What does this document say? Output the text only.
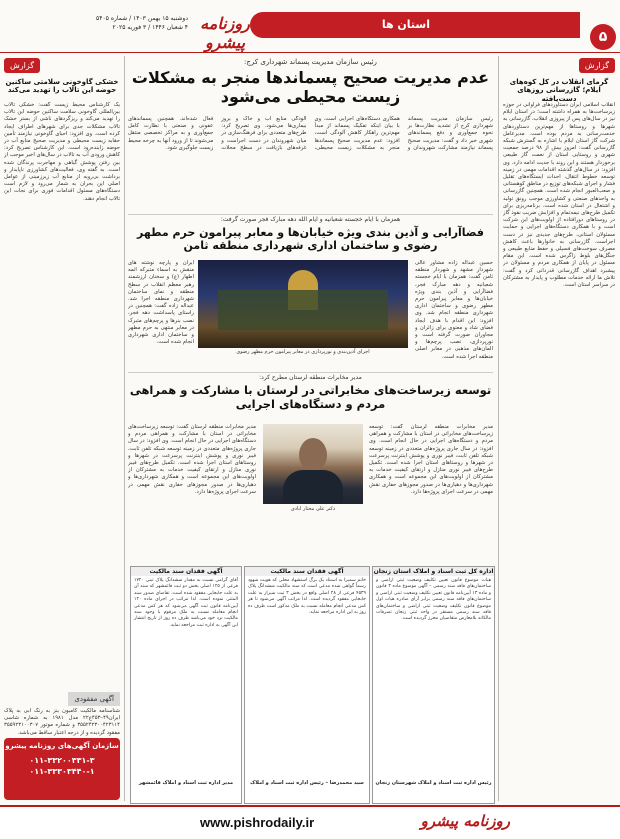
۵
استان ها
دوشنبه ۱۵ بهمن ۱۴۰۳ / شماره ۵۴۰۵
۴ شعبان ۱۴۴۶ / ۳ فوریه ۲۰۲۵ روزنامه پیشرو
گزارش
گرمای انقلاب در کل کوه‌های ایلام؛ گازرسانی روزهای دست‌یافته
انقلاب اسلامی ایران دستاوردهای فراوانی در حوزه زیرساخت‌ها به همراه داشته است؛ در استان ایلام نیز در سال‌های پس از پیروزی انقلاب، گازرسانی به شهرها و روستاها از مهم‌ترین دستاوردهای خدمت‌رسانی به مردم بوده است. مدیرعامل شرکت گاز استان ایلام با اشاره به گسترش شبکه گازرسانی گفت: امروز بیش از ۹۸ درصد جمعیت شهری و روستایی استان از نعمت گاز طبیعی برخوردار هستند و این روند با جدیت ادامه دارد. وی افزود: در سال‌های گذشته اقدامات مهمی در زمینه توسعه خطوط انتقال، احداث ایستگاه‌های تقلیل فشار و اجرای شبکه‌های توزیع در مناطق کوهستانی و صعب‌العبور انجام شده است. همچنین گازرسانی به واحدهای صنعتی و کشاورزی موجب رونق تولید و اشتغال در استان شده است. برنامه‌ریزی برای تکمیل طرح‌های نیمه‌تمام و افزایش ضریب نفوذ گاز در روستاهای دورافتاده از اولویت‌های این شرکت است و با همکاری دستگاه‌های اجرایی و حمایت مسئولان استانی، طرح‌های جدیدی نیز در دست اجراست. گازرسانی به خانوارها باعث کاهش مصرف سوخت‌های فسیلی و حفظ منابع طبیعی و جنگل‌های بلوط زاگرس شده است. این مقام مسئول در پایان از همکاری مردم و مسئولان در پیشبرد اهداف گازرسانی قدردانی کرد و گفت: تلاش ما ارائه خدمات مطلوب و پایدار به مشترکان در سراسر استان است.
رئیس سازمان مدیریت پسماند شهرداری کرج:
عدم مدیریت صحیح پسماندها منجر به مشکلات زیست محیطی می‌شود
رئیس سازمان مدیریت پسماند شهرداری کرج از تشدید نظارت‌ها بر نحوه جمع‌آوری و دفع پسماندهای شهری خبر داد و گفت: مدیریت صحیح پسماند نیازمند مشارکت شهروندان و همکاری دستگاه‌های اجرایی است. وی با بیان اینکه تفکیک پسماند از مبدأ مهم‌ترین راهکار کاهش آلودگی است، افزود: عدم مدیریت صحیح پسماندها منجر به مشکلات زیست محیطی، آلودگی منابع آب و خاک و بروز بیماری‌ها می‌شود. وی تصریح کرد: طرح‌های متعددی برای فرهنگ‌سازی در میان شهروندان در دست اجراست و غرفه‌های بازیافت در سطح محلات فعال شده‌اند. همچنین پسماندهای عفونی و صنعتی با نظارت کامل جمع‌آوری و به مراکز تخصصی منتقل می‌شوند تا از ورود آنها به چرخه محیط زیست جلوگیری شود.
همزمان با ایام خجسته شعبانیه و ایام الله دهه مبارک فجر صورت گرفت:
فضاآرایی و آذین بندی ویژه خیابان‌ها و معابر پیرامون حرم مطهر رضوی و ساختمان اداری شهرداری منطقه ثامن
حسین عبداله زاده مشاور عالی شهردار مشهد و شهردار منطقه ثامن گفت: همزمان با ایام خجسته شعبانیه و دهه مبارک فجر، فضاآرایی و آذین بندی ویژه خیابان‌ها و معابر پیرامون حرم مطهر رضوی و ساختمان اداری شهرداری منطقه انجام شد. وی افزود: این اقدام با هدف ایجاد فضای شاد و معنوی برای زائران و مجاوران صورت گرفته است و نورپردازی، نصب پرچم‌ها و المان‌های مذهبی در معابر اصلی منطقه اجرا شده است.
اجرای آذین‌بندی و نورپردازی در معابر پیرامون حرم مطهر رضوی
ایران و پارچه نوشته های منقش به اسماء متبرکه ائمه اطهار (ع) و سخنان ارزشمند رهبر معظم انقلاب در سطح منطقه و نمای ساختمان شهرداری منطقه اجرا شد. عبداله زاده گفت: همچنین در راستای پاسداشت دهه فجر، نصب بنرها و پرچم‌های متبرک در معابر منتهی به حرم مطهر و ساختمان اداری شهرداری انجام شده است.
مدیر مخابرات منطقه لرستان مطرح کرد:
توسعه زیرساخت‌های مخابراتی در لرستان با مشارکت و همراهی مردم و دستگاه‌های اجرایی
مدیر مخابرات منطقه لرستان گفت: توسعه زیرساخت‌های مخابراتی در استان با مشارکت و همراهی مردم و دستگاه‌های اجرایی در حال انجام است. وی افزود: در سال جاری پروژه‌های متعددی در زمینه توسعه شبکه تلفن ثابت، فیبر نوری و پوشش اینترنت پرسرعت در شهرها و روستاهای استان اجرا شده است. تکمیل طرح‌های فیبر نوری منازل و ارتقای کیفیت خدمات به مشترکان از اولویت‌های این مجموعه است و همکاری شهرداری‌ها و دهیاری‌ها در صدور مجوزهای حفاری نقش مهمی در سرعت اجرای پروژه‌ها دارد.
دکتر علی مختار ابادی
مدیر مخابرات منطقه لرستان گفت: توسعه زیرساخت‌های مخابراتی در استان با مشارکت و همراهی مردم و دستگاه‌های اجرایی در حال انجام است. وی افزود: در سال جاری پروژه‌های متعددی در زمینه توسعه شبکه تلفن ثابت، فیبر نوری و پوشش اینترنت پرسرعت در شهرها و روستاهای استان اجرا شده است. تکمیل طرح‌های فیبر نوری منازل و ارتقای کیفیت خدمات به مشترکان از اولویت‌های این مجموعه است و همکاری شهرداری‌ها و دهیاری‌ها در صدور مجوزهای حفاری نقش مهمی در سرعت اجرای پروژه‌ها دارد.
آگهی فقدان سند مالکیت
آقای گرامی نسبت به مقدار ششدانگ پلاک ثبتی ۱۷۲۰ فرعی از ۱۲۵ اصلی بخش دو ثبت قائمشهر که سند آن به علت جابجایی مفقود شده است، تقاضای صدور سند المثنی نموده است. لذا مراتب در اجرای ماده ۱۲۰ آیین‌نامه قانون ثبت آگهی می‌شود که هر کس مدعی انجام معامله نسبت به ملک مرقوم یا وجود سند مالکیت نزد خود می‌باشد ظرف ده روز از تاریخ انتشار این آگهی به اداره ثبت مراجعه نماید.
مدیر اداره ثبت اسناد و املاک قائمشهر
آگهی فقدان سند مالکیت
خانم سمیرا به استناد یک برگ استشهاد محلی که هویت شهود رسماً گواهی شده مدعی است که سند مالکیت ششدانگ پلاک ۴۵۳۹ فرعی از ۲۸ اصلی واقع در بخش ۳ ثبت شیراز به علت جابجایی مفقود گردیده است. لذا مراتب آگهی می‌شود تا هر کس مدعی انجام معامله نسبت به ملک مذکور است ظرف ده روز به این اداره مراجعه نماید.
سید محمدرضا – رئیس اداره ثبت اسناد و املاک
اداره کل ثبت اسناد و املاک استان زنجان
هیات موضوع قانون تعیین تکلیف وضعیت ثبتی اراضی و ساختمان‌های فاقد سند رسمی – آگهی موضوع ماده ۳ قانون و ماده ۱۳ آیین‌نامه قانون تعیین تکلیف وضعیت ثبتی اراضی و ساختمان‌های فاقد سند رسمی برابر آرای صادره هیات اول موضوع قانون تکلیف وضعیت ثبتی اراضی و ساختمان‌های فاقد سند رسمی مستقر در واحد ثبتی زنجان تصرفات مالکانه بلامعارض متقاضیان محرز گردیده است.
رئیس اداره ثبت اسناد و املاک شهرستان زنجان
گزارش
خشکی گاوخونی سلامتی ساکنین حوضه این تالاب را تهدید می‌کند
یک کارشناس محیط زیست گفت: خشکی تالاب بین‌المللی گاوخونی سلامت ساکنین حوضه این تالاب را تهدید می‌کند و ریزگردهای ناشی از بستر خشک تالاب مشکلات جدی برای شهرهای اطراف ایجاد کرده است. وی افزود: احیای گاوخونی نیازمند تأمین حقابه زیست محیطی و مدیریت صحیح منابع آب در حوضه زاینده‌رود است. این کارشناس تصریح کرد: کاهش ورودی آب به تالاب در سال‌های اخیر موجب از بین رفتن پوشش گیاهی و مهاجرت پرندگان شده است. به گفته وی، فعالیت‌های کشاورزی ناپایدار و برداشت بی‌رویه از منابع آب زیرزمینی از عوامل اصلی این بحران به شمار می‌رود و لازم است دستگاه‌های مسئول اقدامات فوری برای نجات این تالاب انجام دهند.
آگهی مفقودی
شناسنامه مالکیت کامیون بنز به رنگ آبی به پلاک ایران۴۹–۴۵۳ع۲۲ مدل ۱۹۸۱ به شماره شاسی ۳۵۵۲۴۲۳۰۰۴۲۳۱۱۴ و شماره موتور ۳۵۵۹۲۳۱۰۰۳۰۷ مفقود گردیده و از درجه اعتبار ساقط می‌باشد.
سازمان آگهی‌های روزنامه پیشرو
۰۱۱-۳۳۲۰۰۳۳۱-۳
۰۱۱-۳۳۳۰۳۴۴۰-۱
روزنامه پیشرو
www.pishrodaily.ir
